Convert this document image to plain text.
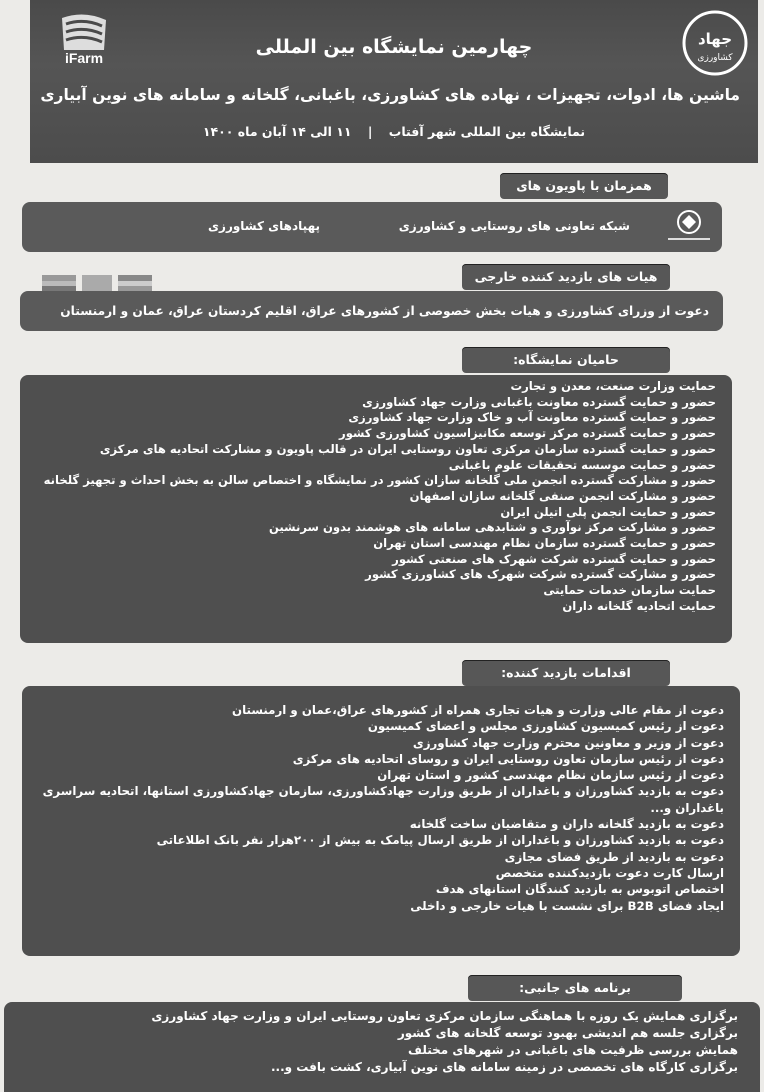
iFarm
جهاد
کشاورزی
چهارمین نمایشگاه بین المللی
ماشین ها، ادوات، تجهیزات ، نهاده های کشاورزی، باغبانی، گلخانه و سامانه های نوین آبیاری
نمایشگاه بین المللی شهر آفتاب | ۱۱ الی ۱۴ آبان ماه ۱۴۰۰
همزمان با پاویون های
شبکه تعاونی های روستایی و کشاورزی
پهپادهای کشاورزی
هیات های بازدید کننده خارجی
دعوت از وزرای کشاورزی و هیات بخش خصوصی از کشورهای عراق، اقلیم کردستان عراق، عمان و ارمنستان
حامیان نمایشگاه:
حمایت وزارت صنعت، معدن و تجارت
حضور و حمایت گسترده معاونت باغبانی وزارت جهاد کشاورزی
حضور و حمایت گسترده معاونت آب و خاک وزارت جهاد کشاورزی
حضور و حمایت گسترده مرکز توسعه مکانیزاسیون کشاورزی کشور
حضور و حمایت گسترده سازمان مرکزی تعاون روستایی ایران در قالب پاویون و مشارکت اتحادیه های مرکزی
حضور و حمایت موسسه تحقیقات علوم باغبانی
حضور و مشارکت گسترده انجمن ملی گلخانه سازان کشور در نمایشگاه و اختصاص سالن به بخش احداث و تجهیز گلخانه
حضور و مشارکت انجمن صنفی گلخانه سازان اصفهان
حضور و حمایت انجمن پلی اتیلن ایران
حضور و مشارکت مرکز نوآوری و شتابدهی سامانه های هوشمند بدون سرنشین
حضور و حمایت گسترده سازمان نظام مهندسی استان تهران
حضور و حمایت گسترده شرکت شهرک های صنعتی کشور
حضور و مشارکت گسترده شرکت شهرک های کشاورزی کشور
حمایت سازمان خدمات حمایتی
حمایت اتحادیه گلخانه داران
اقدامات بازدید کننده:
دعوت از مقام عالی وزارت و هیات تجاری همراه از کشورهای عراق،عمان و ارمنستان
دعوت از رئیس کمیسیون کشاورزی مجلس و اعضای کمیسیون
دعوت از وزیر و معاونین محترم وزارت جهاد کشاورزی
دعوت از رئیس سازمان تعاون روستایی ایران و روسای اتحادیه های مرکزی
دعوت از رئیس سازمان نظام مهندسی کشور و استان تهران
دعوت به بازدید کشاورزان و باغداران از طریق وزارت جهادکشاورزی، سازمان جهادکشاورزی استانها، اتحادیه سراسری
باغداران و...
دعوت به بازدید گلخانه داران و متقاضیان ساخت گلخانه
دعوت به بازدید کشاورزان و باغداران از طریق ارسال پیامک به بیش از ۲۰۰هزار نفر بانک اطلاعاتی
دعوت به بازدید از طریق فضای مجازی
ارسال کارت دعوت بازدیدکننده متخصص
اختصاص اتوبوس به بازدید کنندگان استانهای هدف
ایجاد فضای B2B برای نشست با هیات خارجی و داخلی
برنامه های جانبی:
برگزاری همایش یک روزه با هماهنگی سازمان مرکزی تعاون روستایی ایران و وزارت جهاد کشاورزی
برگزاری جلسه هم اندیشی بهبود توسعه گلخانه های کشور
همایش بررسی ظرفیت های باغبانی در شهرهای مختلف
برگزاری کارگاه های تخصصی در زمینه سامانه های نوین آبیاری، کشت بافت و...
